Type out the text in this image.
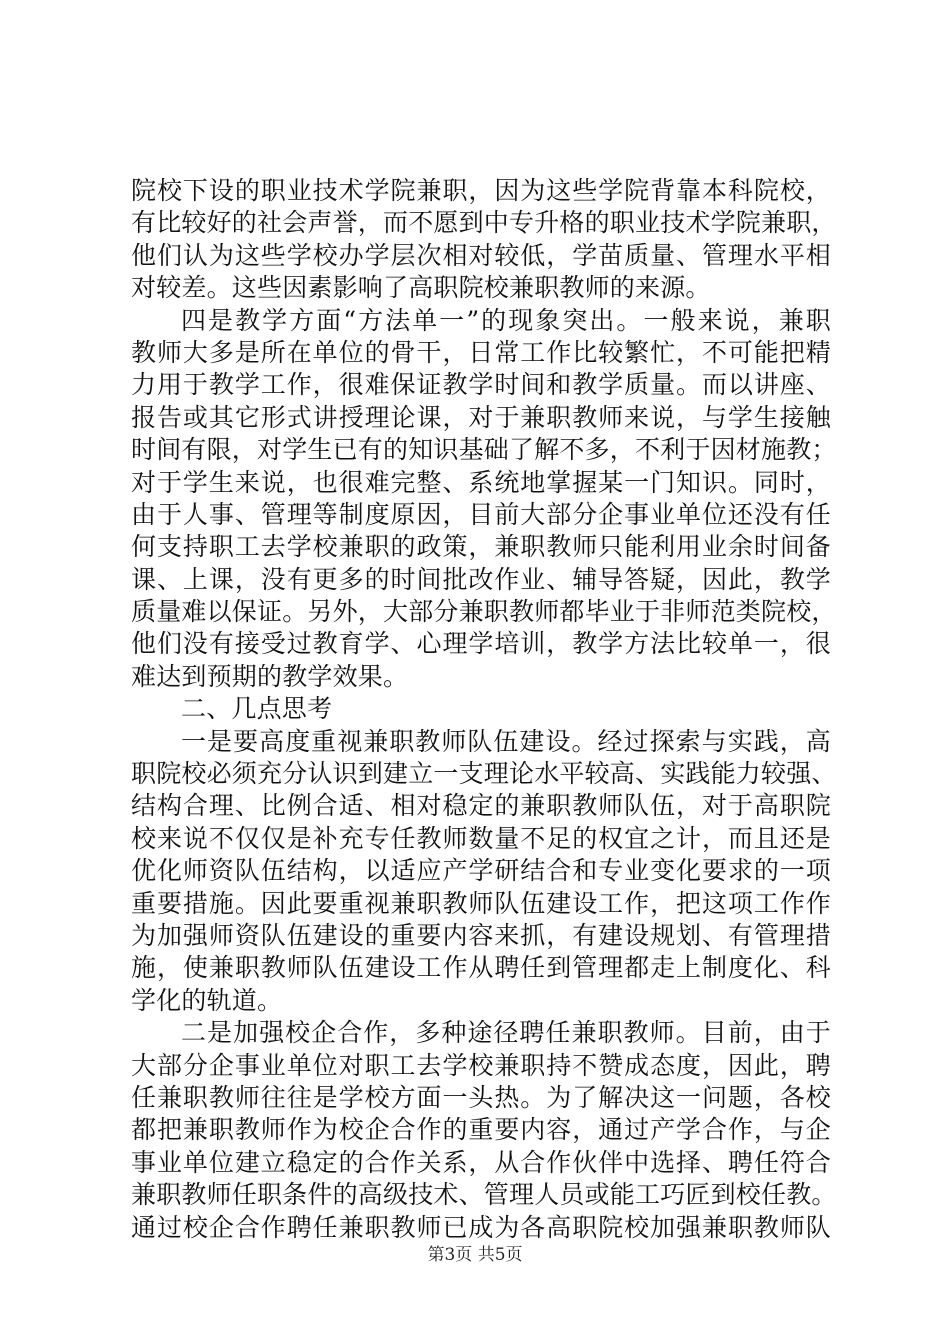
院校下设的职业技术学院兼职，因为这些学院背靠本科院校，
有比较好的社会声誉，而不愿到中专升格的职业技术学院兼职，
他们认为这些学校办学层次相对较低，学苗质量、管理水平相
对较差。这些因素影响了高职院校兼职教师的来源。
四是教学方面“方法单一”的现象突出。一般来说，兼职
教师大多是所在单位的骨干，日常工作比较繁忙，不可能把精
力用于教学工作，很难保证教学时间和教学质量。而以讲座、
报告或其它形式讲授理论课，对于兼职教师来说，与学生接触
时间有限，对学生已有的知识基础了解不多，不利于因材施教；
对于学生来说，也很难完整、系统地掌握某一门知识。同时，
由于人事、管理等制度原因，目前大部分企事业单位还没有任
何支持职工去学校兼职的政策，兼职教师只能利用业余时间备
课、上课，没有更多的时间批改作业、辅导答疑，因此，教学
质量难以保证。另外，大部分兼职教师都毕业于非师范类院校，
他们没有接受过教育学、心理学培训，教学方法比较单一，很
难达到预期的教学效果。
二、几点思考
一是要高度重视兼职教师队伍建设。经过探索与实践，高
职院校必须充分认识到建立一支理论水平较高、实践能力较强、
结构合理、比例合适、相对稳定的兼职教师队伍，对于高职院
校来说不仅仅是补充专任教师数量不足的权宜之计，而且还是
优化师资队伍结构，以适应产学研结合和专业变化要求的一项
重要措施。因此要重视兼职教师队伍建设工作，把这项工作作
为加强师资队伍建设的重要内容来抓，有建设规划、有管理措
施，使兼职教师队伍建设工作从聘任到管理都走上制度化、科
学化的轨道。
二是加强校企合作，多种途径聘任兼职教师。目前，由于
大部分企事业单位对职工去学校兼职持不赞成态度，因此，聘
任兼职教师往往是学校方面一头热。为了解决这一问题，各校
都把兼职教师作为校企合作的重要内容，通过产学合作，与企
事业单位建立稳定的合作关系，从合作伙伴中选择、聘任符合
兼职教师任职条件的高级技术、管理人员或能工巧匠到校任教。
通过校企合作聘任兼职教师已成为各高职院校加强兼职教师队
第3页 共5页
